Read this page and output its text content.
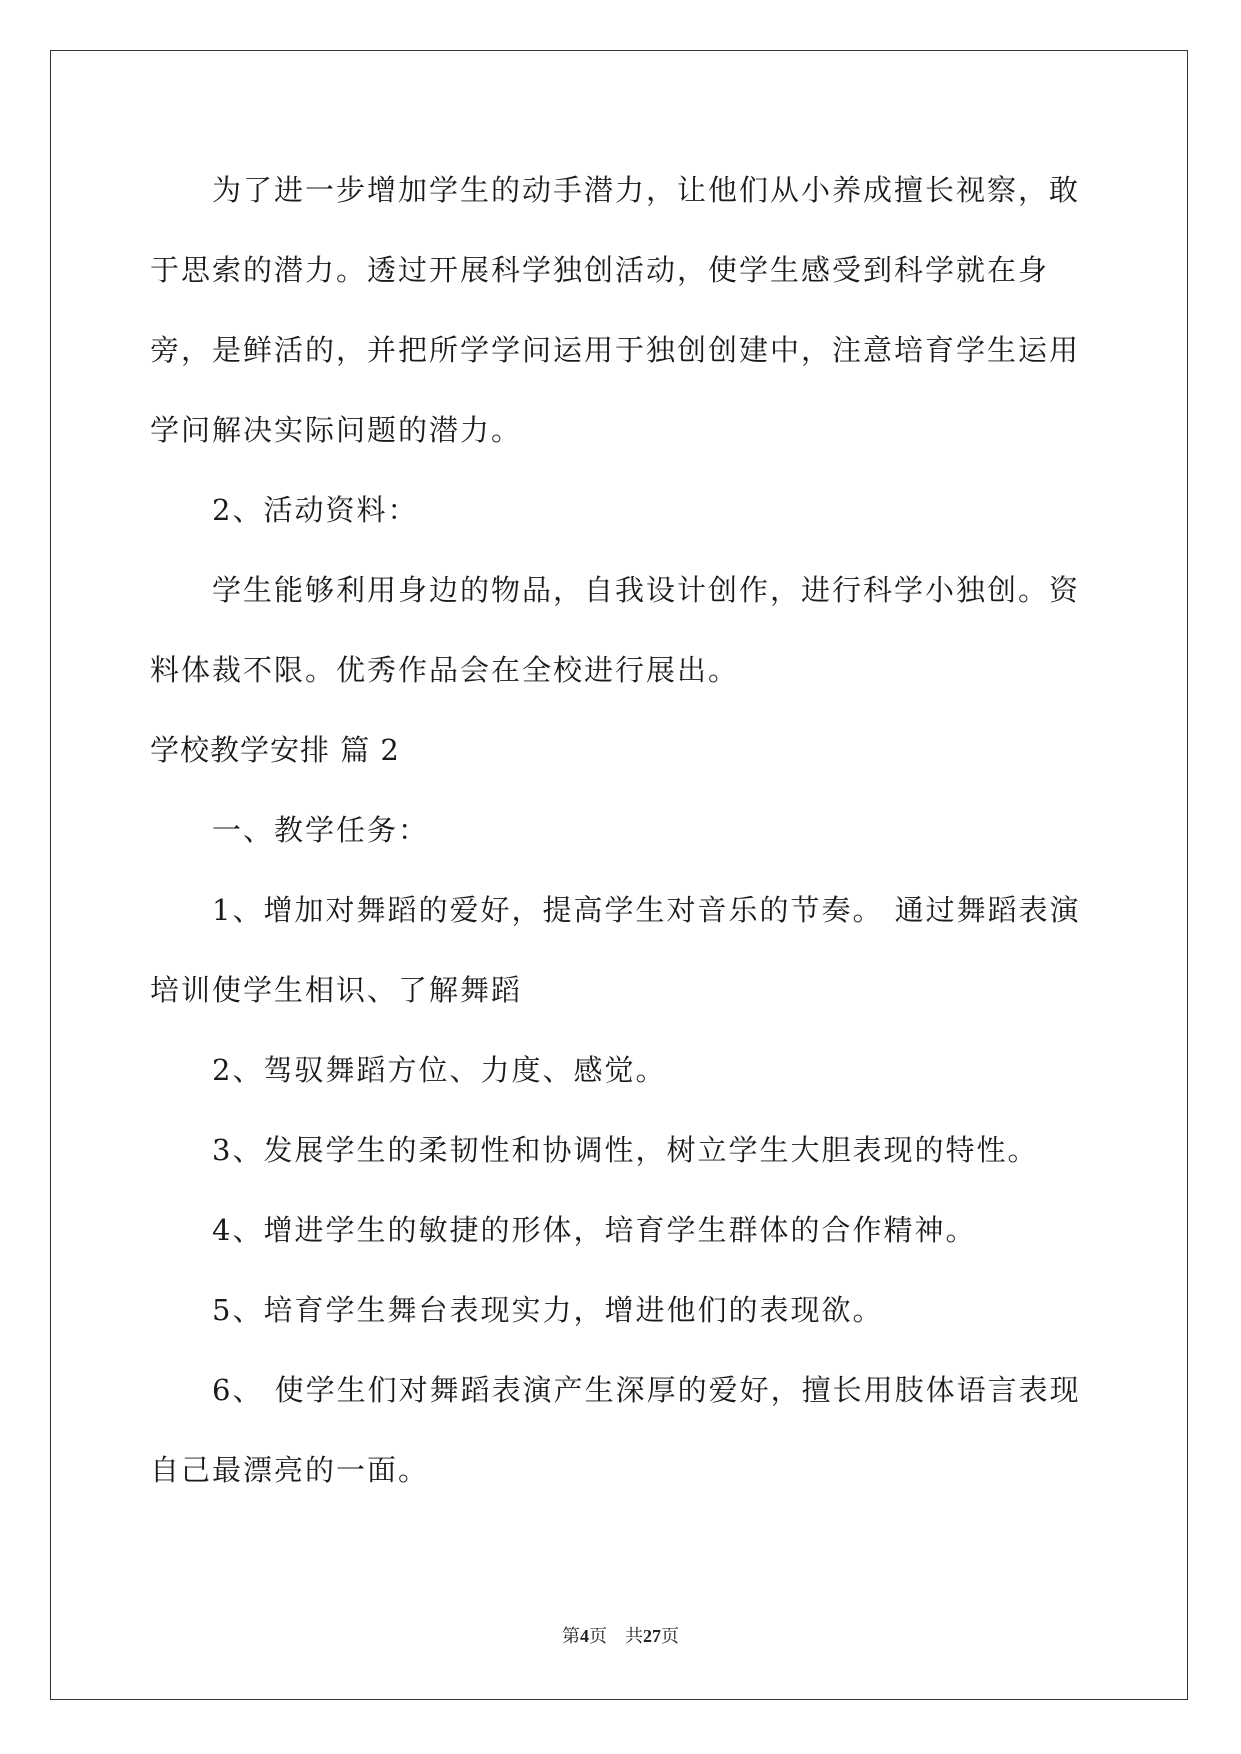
为了进一步增加学生的动手潜力，让他们从小养成擅长视察，敢于思索的潜力。透过开展科学独创活动，使学生感受到科学就在身旁，是鲜活的，并把所学学问运用于独创创建中，注意培育学生运用学问解决实际问题的潜力。

2、活动资料：

学生能够利用身边的物品，自我设计创作，进行科学小独创。资料体裁不限。优秀作品会在全校进行展出。

学校教学安排 篇 2

一、教学任务：

1、增加对舞蹈的爱好，提高学生对音乐的节奏。 通过舞蹈表演培训使学生相识、了解舞蹈

2、驾驭舞蹈方位、力度、感觉。

3、发展学生的柔韧性和协调性，树立学生大胆表现的特性。

4、增进学生的敏捷的形体，培育学生群体的合作精神。

5、培育学生舞台表现实力，增进他们的表现欲。

6、 使学生们对舞蹈表演产生深厚的爱好，擅长用肢体语言表现自己最漂亮的一面。

第4页 共27页
